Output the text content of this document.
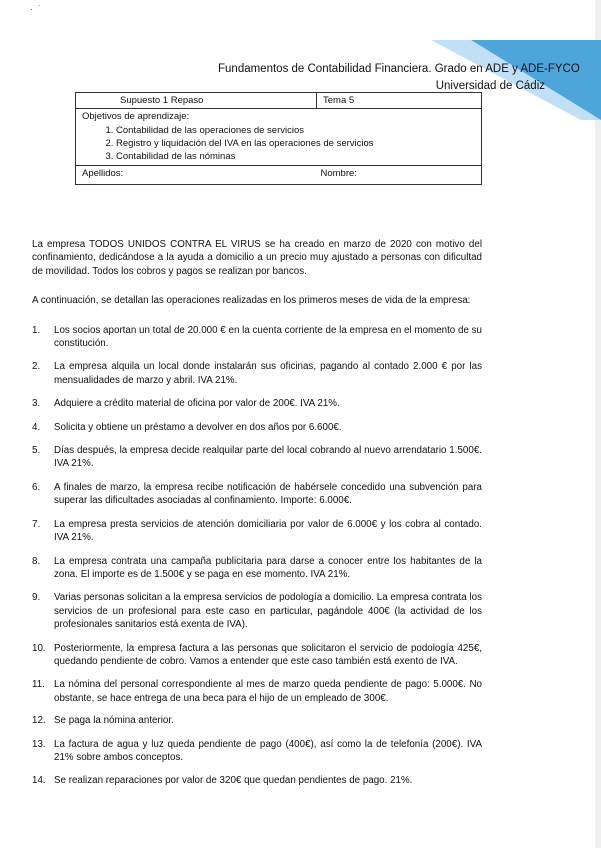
·  ˙
Fundamentos de Contabilidad Financiera. Grado en ADE y ADE-FYCO
Universidad de Cádiz
Supuesto 1 Repaso	Tema 5

Objetivos de aprendizaje:
1. Contabilidad de las operaciones de servicios
2. Registro y liquidación del IVA en las operaciones de servicios
3. Contabilidad de las nóminas

Apellidos:	Nombre:

La empresa TODOS UNIDOS CONTRA EL VIRUS se ha creado en marzo de 2020 con motivo del confinamiento, dedicándose a la ayuda a domicilio a un precio muy ajustado a personas con dificultad de movilidad. Todos los cobros y pagos se realizan por bancos.

A continuación, se detallan las operaciones realizadas en los primeros meses de vida de la empresa:

1.	Los socios aportan un total de 20.000 € en la cuenta corriente de la empresa en el momento de su constitución.
2.	La empresa alquila un local donde instalarán sus oficinas, pagando al contado 2.000 € por las mensualidades de marzo y abril. IVA 21%.
3.	Adquiere a crédito material de oficina por valor de 200€. IVA 21%.
4.	Solicita y obtiene un préstamo a devolver en dos años por 6.600€.
5.	Días después, la empresa decide realquilar parte del local cobrando al nuevo arrendatario 1.500€. IVA 21%.
6.	A finales de marzo, la empresa recibe notificación de habérsele concedido una subvención para superar las dificultades asociadas al confinamiento. Importe: 6.000€.
7.	La empresa presta servicios de atención domiciliaria por valor de 6.000€ y los cobra al contado. IVA 21%.
8.	La empresa contrata una campaña publicitaria para darse a conocer entre los habitantes de la zona. El importe es de 1.500€ y se paga en ese momento. IVA 21%.
9.	Varias personas solicitan a la empresa servicios de podología a domicilio. La empresa contrata los servicios de un profesional para este caso en particular, pagándole 400€ (la actividad de los profesionales sanitarios está exenta de IVA).
10. Posteriormente, la empresa factura a las personas que solicitaron el servicio de podología 425€, quedando pendiente de cobro. Vamos a entender que este caso también está exento de IVA.
11. La nómina del personal correspondiente al mes de marzo queda pendiente de pago: 5.000€. No obstante, se hace entrega de una beca para el hijo de un empleado de 300€.
12. Se paga la nómina anterior.
13. La factura de agua y luz queda pendiente de pago (400€), así como la de telefonía (200€). IVA 21% sobre ambos conceptos.
14. Se realizan reparaciones por valor de 320€ que quedan pendientes de pago. 21%.
